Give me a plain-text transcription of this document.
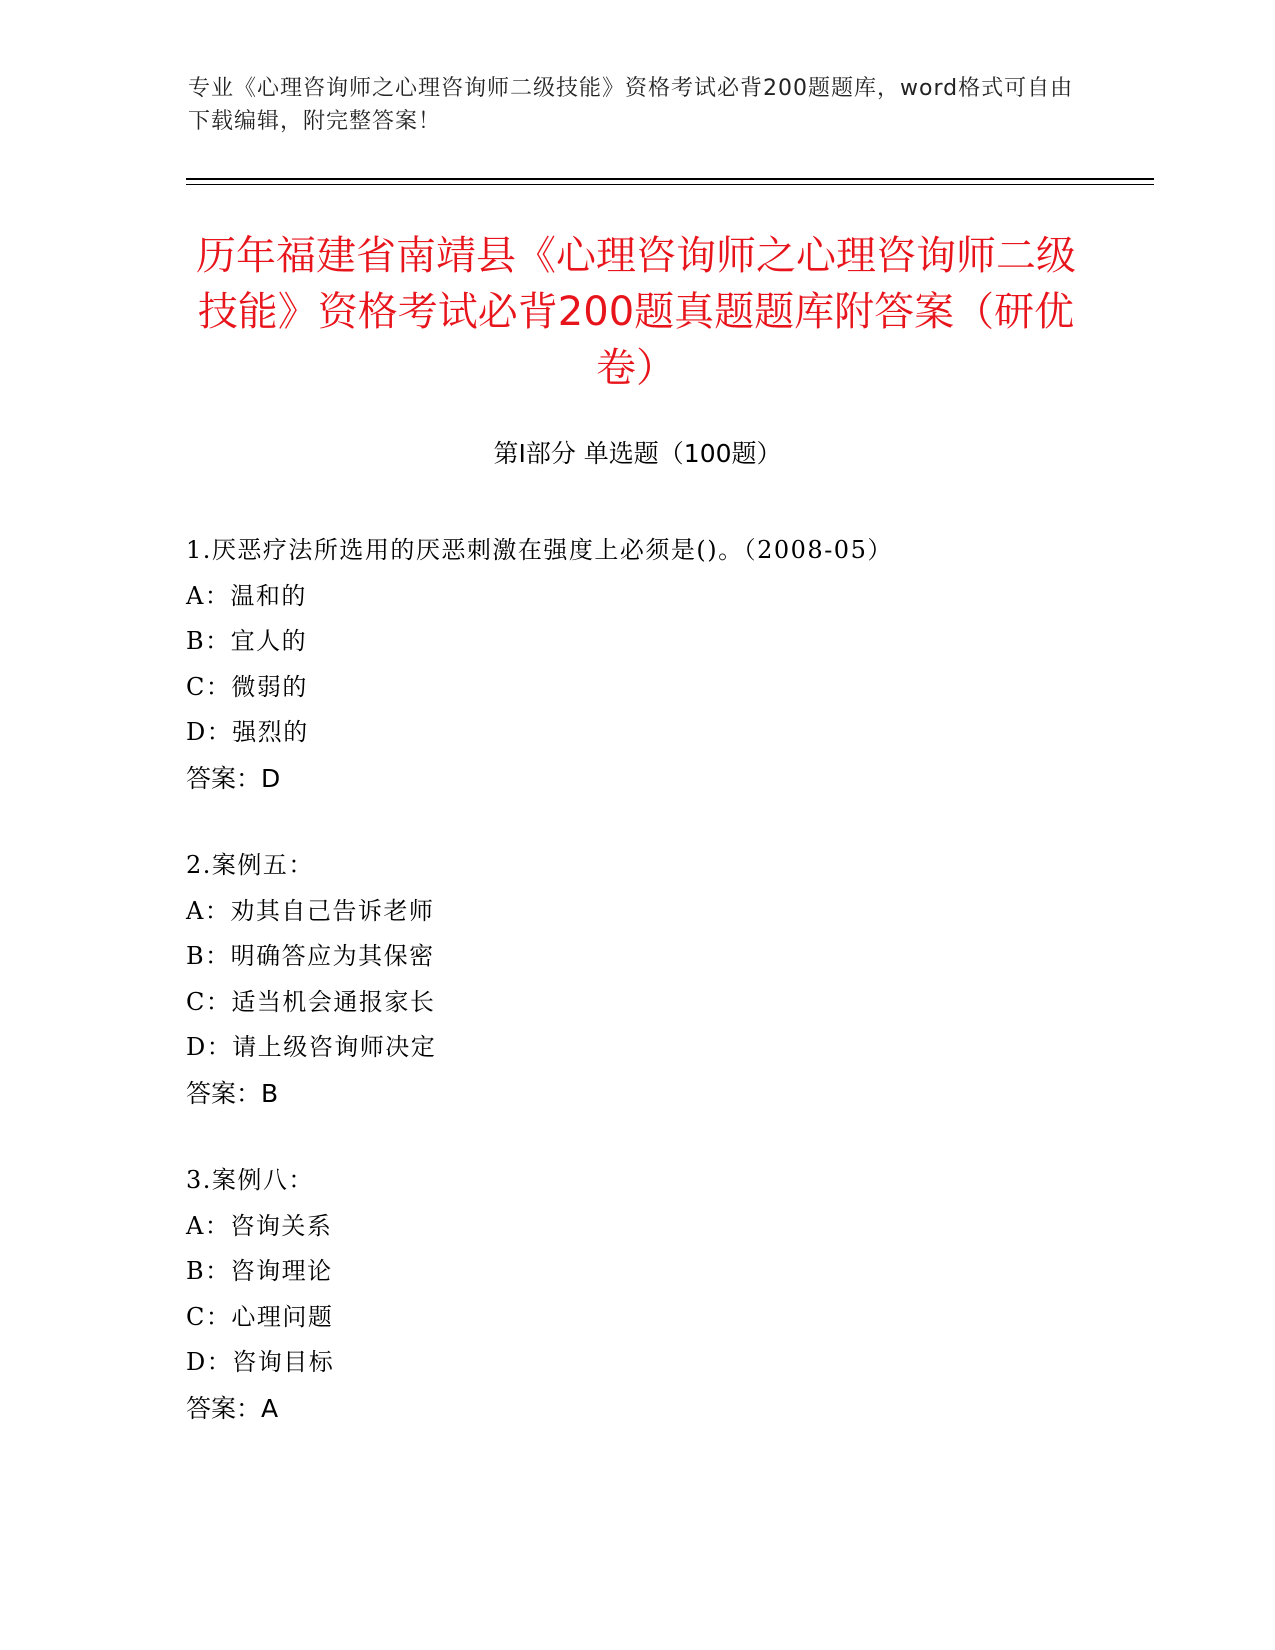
专业《心理咨询师之心理咨询师二级技能》资格考试必背200题题库，word格式可自由下载编辑，附完整答案！
历年福建省南靖县《心理咨询师之心理咨询师二级技能》资格考试必背200题真题题库附答案（研优卷）
第Ⅰ部分 单选题（100题）
1.厌恶疗法所选用的厌恶刺激在强度上必须是()。（2008-05）
A：温和的
B：宜人的
C：微弱的
D：强烈的
答案：D
2.案例五：
A：劝其自己告诉老师
B：明确答应为其保密
C：适当机会通报家长
D：请上级咨询师决定
答案：B
3.案例八：
A：咨询关系
B：咨询理论
C：心理问题
D：咨询目标
答案：A
